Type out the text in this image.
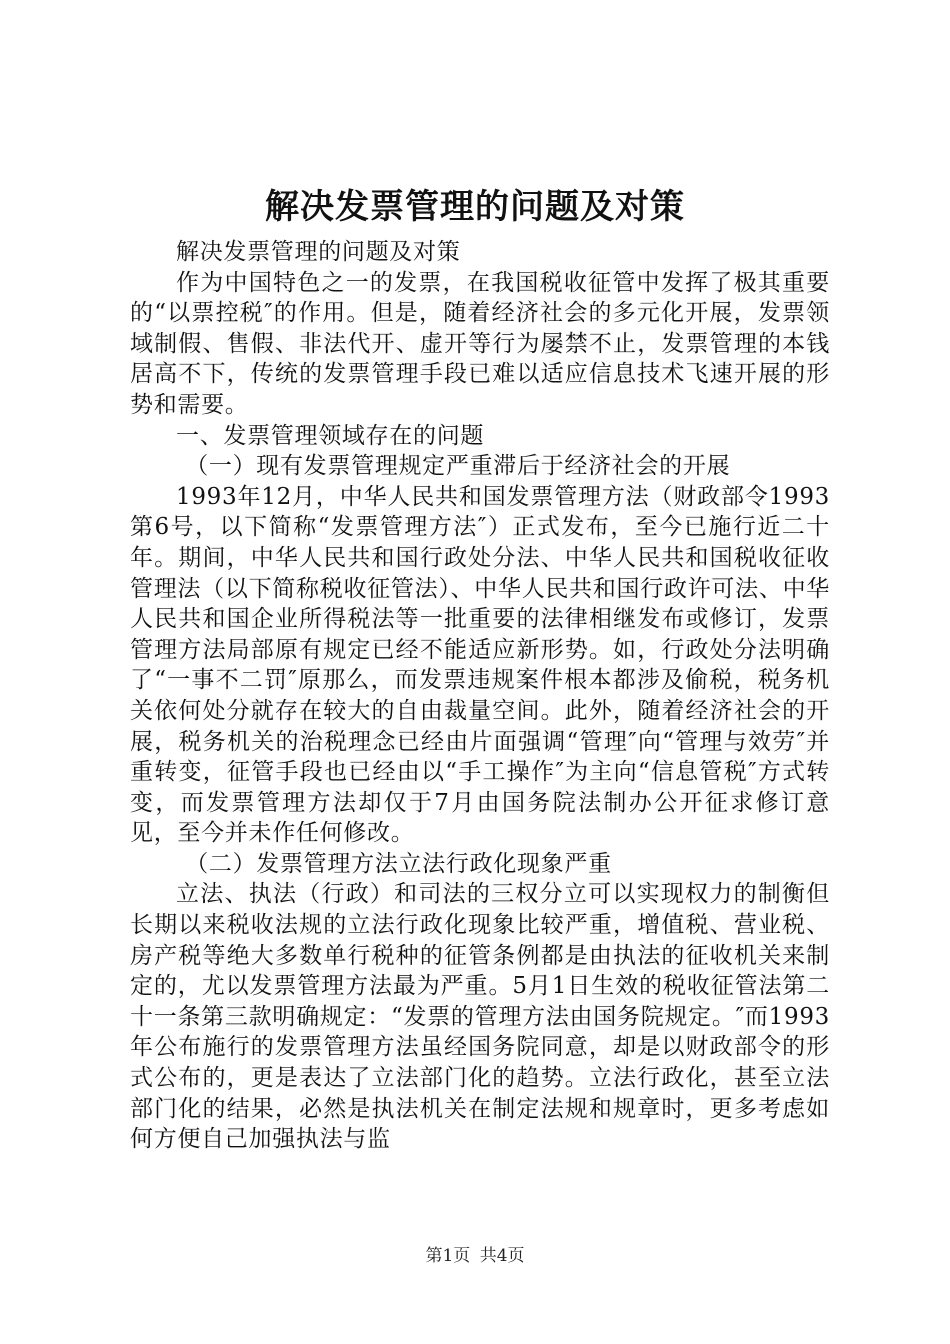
解决发票管理的问题及对策

解决发票管理的问题及对策

作为中国特色之一的发票，在我国税收征管中发挥了极其重要的“以票控税″的作用。但是，随着经济社会的多元化开展，发票领域制假、售假、非法代开、虚开等行为屡禁不止，发票管理的本钱居高不下，传统的发票管理手段已难以适应信息技术飞速开展的形势和需要。

一、发票管理领域存在的问题

（一）现有发票管理规定严重滞后于经济社会的开展

1993年12月，中华人民共和国发票管理方法（财政部令1993第6号，以下简称“发票管理方法″）正式发布，至今已施行近二十年。期间，中华人民共和国行政处分法、中华人民共和国税收征收管理法（以下简称税收征管法）、中华人民共和国行政许可法、中华人民共和国企业所得税法等一批重要的法律相继发布或修订，发票管理方法局部原有规定已经不能适应新形势。如，行政处分法明确了“一事不二罚″原那么，而发票违规案件根本都涉及偷税，税务机关依何处分就存在较大的自由裁量空间。此外，随着经济社会的开展，税务机关的治税理念已经由片面强调“管理″向“管理与效劳″并重转变，征管手段也已经由以“手工操作″为主向“信息管税″方式转变，而发票管理方法却仅于7月由国务院法制办公开征求修订意见，至今并未作任何修改。

（二）发票管理方法立法行政化现象严重

立法、执法（行政）和司法的三权分立可以实现权力的制衡但长期以来税收法规的立法行政化现象比较严重，增值税、营业税、房产税等绝大多数单行税种的征管条例都是由执法的征收机关来制定的，尤以发票管理方法最为严重。5月1日生效的税收征管法第二十一条第三款明确规定：“发票的管理方法由国务院规定。″而1993年公布施行的发票管理方法虽经国务院同意，却是以财政部令的形式公布的，更是表达了立法部门化的趋势。立法行政化，甚至立法部门化的结果，必然是执法机关在制定法规和规章时，更多考虑如何方便自己加强执法与监

第1页 共4页
